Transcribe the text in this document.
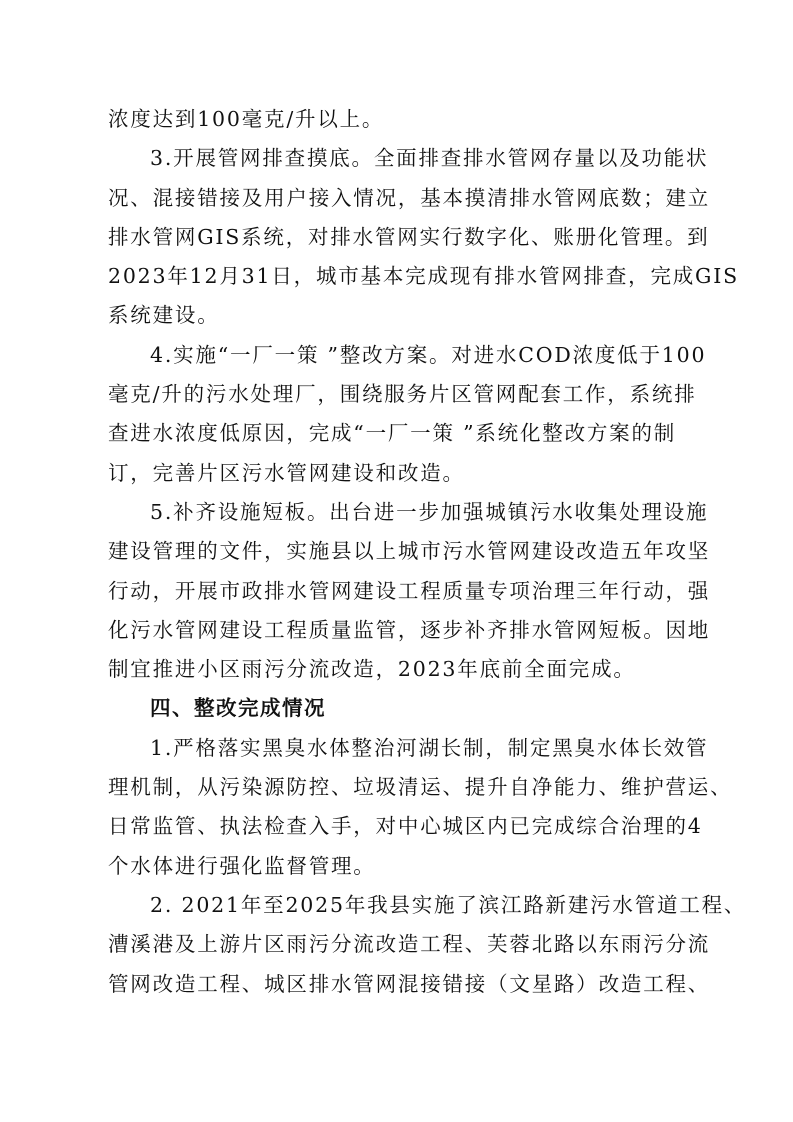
浓度达到100毫克/升以上。
3.开展管网排查摸底。全面排查排水管网存量以及功能状
况、混接错接及用户接入情况，基本摸清排水管网底数；建立
排水管网GIS系统，对排水管网实行数字化、账册化管理。到
2023年12月31日，城市基本完成现有排水管网排查，完成GIS
系统建设。
4.实施“一厂一策 ”整改方案。对进水COD浓度低于100
毫克/升的污水处理厂，围绕服务片区管网配套工作，系统排
查进水浓度低原因，完成“一厂一策 ”系统化整改方案的制
订，完善片区污水管网建设和改造。
5.补齐设施短板。出台进一步加强城镇污水收集处理设施
建设管理的文件，实施县以上城市污水管网建设改造五年攻坚
行动，开展市政排水管网建设工程质量专项治理三年行动，强
化污水管网建设工程质量监管，逐步补齐排水管网短板。因地
制宜推进小区雨污分流改造，2023年底前全面完成。
四、整改完成情况
1.严格落实黑臭水体整治河湖长制，制定黑臭水体长效管
理机制，从污染源防控、垃圾清运、提升自净能力、维护营运、
日常监管、执法检查入手，对中心城区内已完成综合治理的4
个水体进行强化监督管理。
2. 2021年至2025年我县实施了滨江路新建污水管道工程、
漕溪港及上游片区雨污分流改造工程、芙蓉北路以东雨污分流
管网改造工程、城区排水管网混接错接（文星路）改造工程、
